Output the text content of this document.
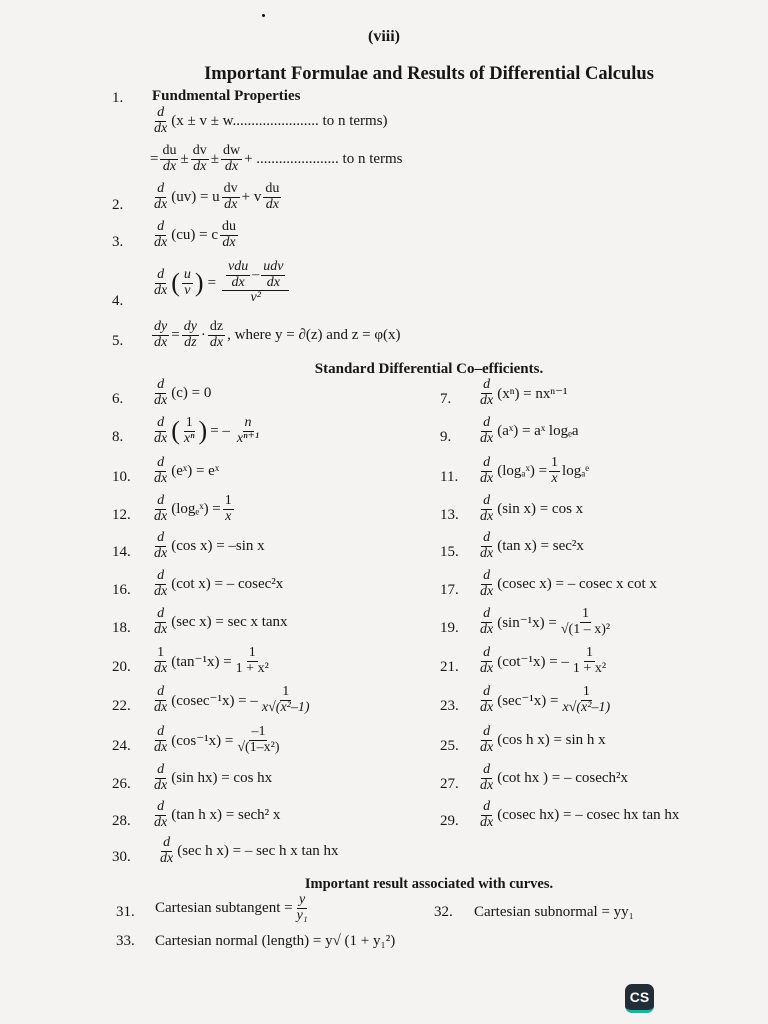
(viii)
Important Formulae and Results of Differential Calculus
1. Fundmental Properties
$\frac{d}{dx} (x \pm v \pm w$....................... to n terms)
= $\frac{du}{dx} \pm \frac{dv}{dx} \pm \frac{dw}{dx}$ + ...................... to n terms
2. $\frac{d}{dx} (uv) = u \frac{dv}{dx} + v \frac{du}{dx}$
3. $\frac{d}{dx} (cu) = c \frac{du}{dx}$
4.
$\frac{d}{dx}$ ( $\frac{u}{v}$ ) = $\frac{\frac{\text{vdu}}{dx} - \frac{\text{udv}}{dx}}{\text{v²}}$
5. $\frac{dy}{dx} = \frac{dy}{dz} \cdot \frac{dz}{dx}$ , where y = ∂(z) and z = φ(x)
Standard Differential Co–efficients.
6. $\frac{d}{dx} (c) = 0$	7. $\frac{d}{dx} (x^n) = nx^{n-1}$
8. $\frac{d}{dx}$ ( $\frac{1}{\text{xⁿ}}$ ) = – $\frac{n}{\text{xⁿ⁺¹}}$	9. $\frac{d}{dx}$ (aˣ) = aˣ logₑa
10. $\frac{d}{dx}$ (eˣ) = eˣ	11. $\frac{d}{dx}$ (logₐˣ) = $\frac{1}{x}$ logₐᵉ
12. $\frac{d}{dx}$ (logₑˣ) = $\frac{1}{x}$	13. $\frac{d}{dx} (\sin$ x) = cos x
14. $\frac{d}{dx} (\cos$ x) = –sin x	15. $\frac{d}{dx} (\tan$ x) = sec²x
16. $\frac{d}{dx} (\cot$ x) = – cosec²x	17. $\frac{d}{dx} (cosec$ x) = – cosec x cot x
18. $\frac{d}{dx} (\sec$ x) = sec x tanx	19. $\frac{d}{dx} (\sin^{-1}x) = \frac{1}{\text{√(1 – x)²}}$
20. $\frac{1}{dx} (\tan^{-1}x) = \frac{1}{\text{1 + x²}}$	21. $\frac{d}{dx} (\cot^{-1}x)$ = – $\frac{1}{\text{1 + x²}}$
22. $\frac{d}{dx} (cosec^{-1}x)$ = – $\frac{1}{\text{x√(x²–1)}}$	23. $\frac{d}{dx} (\sec^{-1}x) = \frac{1}{\text{x√(x²–1)}}$
24. $\frac{d}{dx} (\cos^{-1}x) = \frac{-1}{\text{√(1–x²)}}$	25. $\frac{d}{dx} (\cos$ h x) = sin h x
26. $\frac{d}{dx} (\sin$ hx) = cos hx	27. $\frac{d}{dx} (\cot$ hx ) = – cosech²x
28. $\frac{d}{dx} (\tan$ h x) = sech² x	29. $\frac{d}{dx} (cosec$ hx) = – cosec hx tan hx
30. $\frac{d}{dx} (\sec$ h x) = – sec h x tan hx
Important result associated with curves.
31. Cartesian subtangent = $\frac{y}{\text{y₁}}$	32. Cartesian subnormal = yy₁
33. Cartesian normal (length) = y√ (1 + y₁²)
CS
